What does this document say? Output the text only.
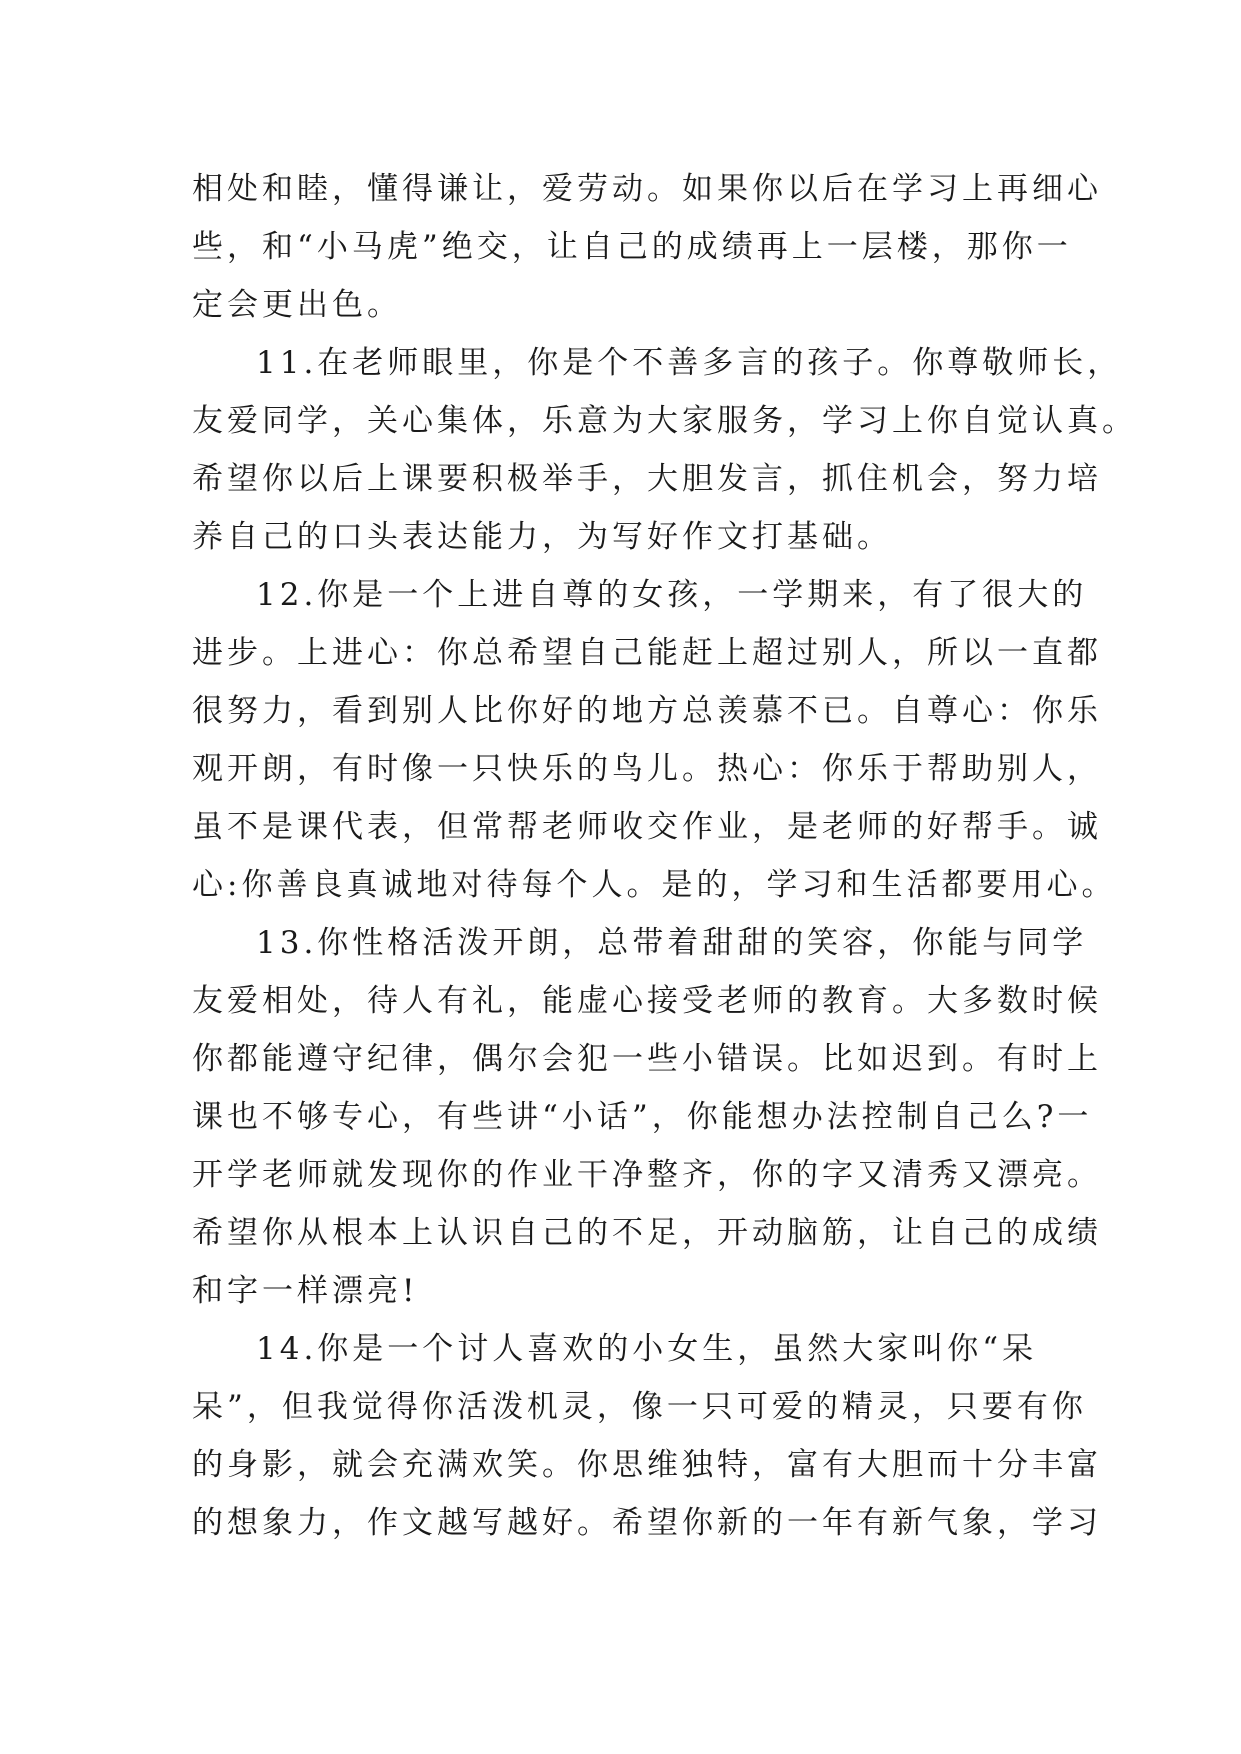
相处和睦，懂得谦让，爱劳动。如果你以后在学习上再细心
些，和“小马虎”绝交，让自己的成绩再上一层楼，那你一
定会更出色。
11.在老师眼里，你是个不善多言的孩子。你尊敬师长，
友爱同学，关心集体，乐意为大家服务，学习上你自觉认真。
希望你以后上课要积极举手，大胆发言，抓住机会，努力培
养自己的口头表达能力，为写好作文打基础。
12.你是一个上进自尊的女孩，一学期来，有了很大的
进步。上进心：你总希望自己能赶上超过别人，所以一直都
很努力，看到别人比你好的地方总羡慕不已。自尊心：你乐
观开朗，有时像一只快乐的鸟儿。热心：你乐于帮助别人，
虽不是课代表，但常帮老师收交作业，是老师的好帮手。诚
心:你善良真诚地对待每个人。是的，学习和生活都要用心。
13.你性格活泼开朗，总带着甜甜的笑容，你能与同学
友爱相处，待人有礼，能虚心接受老师的教育。大多数时候
你都能遵守纪律，偶尔会犯一些小错误。比如迟到。有时上
课也不够专心，有些讲“小话”，你能想办法控制自己么?一
开学老师就发现你的作业干净整齐，你的字又清秀又漂亮。
希望你从根本上认识自己的不足，开动脑筋，让自己的成绩
和字一样漂亮!
14.你是一个讨人喜欢的小女生，虽然大家叫你“呆
呆”，但我觉得你活泼机灵，像一只可爱的精灵，只要有你
的身影，就会充满欢笑。你思维独特，富有大胆而十分丰富
的想象力，作文越写越好。希望你新的一年有新气象，学习
